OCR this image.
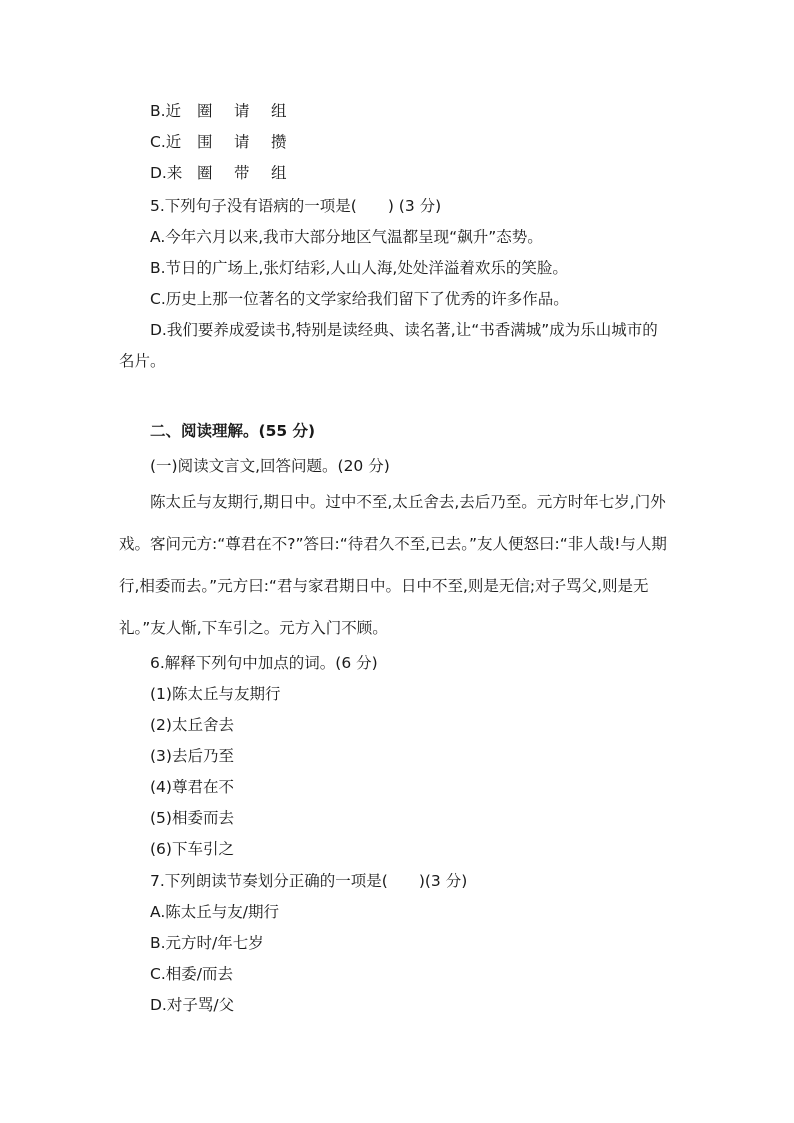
B.近 圈 请 组
C.近 围 请 攒
D.来 圈 带 组

5.下列句子没有语病的一项是(　　) (3 分)

A.今年六月以来,我市大部分地区气温都呈现“飙升”态势。

B.节日的广场上,张灯结彩,人山人海,处处洋溢着欢乐的笑脸。

C.历史上那一位著名的文学家给我们留下了优秀的许多作品。

D.我们要养成爱读书,特别是读经典、读名著,让“书香满城”成为乐山城市的

名片。

二、阅读理解。(55 分)

(一)阅读文言文,回答问题。(20 分)

陈太丘与友期行,期日中。过中不至,太丘舍去,去后乃至。元方时年七岁,门外

戏。客问元方:“尊君在不?”答曰:“待君久不至,已去。”友人便怒曰:“非人哉!与人期

行,相委而去。”元方曰:“君与家君期日中。日中不至,则是无信;对子骂父,则是无

礼。”友人惭,下车引之。元方入门不顾。

6.解释下列句中加点的词。(6 分)

(1)陈太丘与友期行

(2)太丘舍去

(3)去后乃至

(4)尊君在不

(5)相委而去

(6)下车引之

7.下列朗读节奏划分正确的一项是(　　)(3 分)

A.陈太丘与友/期行

B.元方时/年七岁

C.相委/而去

D.对子骂/父
